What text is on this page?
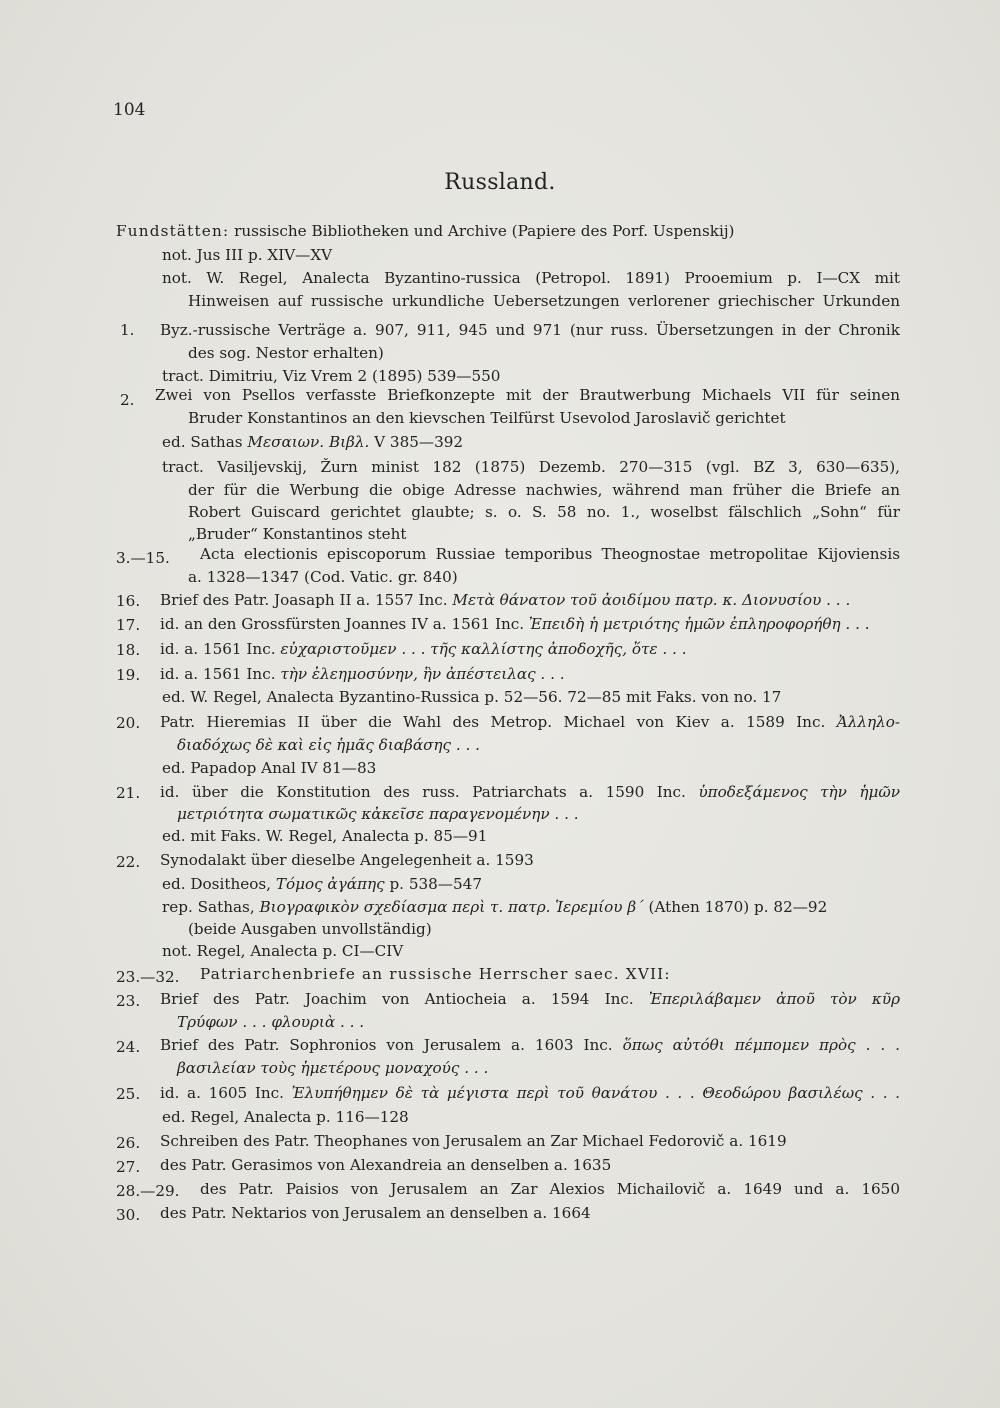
104
Russland.
Fundstätten: russische Bibliotheken und Archive (Papiere des Porf. Uspenskij)
not. Jus III p. XIV—XV
not. W. Regel, Analecta Byzantino-russica (Petropol. 1891) Prooemium p. I—CX mit
Hinweisen auf russische urkundliche Uebersetzungen verlorener griechischer Urkunden
1. Byz.-russische Verträge a. 907, 911, 945 und 971 (nur russ. Übersetzungen in der Chronik
des sog. Nestor erhalten)
tract. Dimitriu, Viz Vrem 2 (1895) 539—550
2. Zwei von Psellos verfasste Briefkonzepte mit der Brautwerbung Michaels VII für seinen
Bruder Konstantinos an den kievschen Teilfürst Usevolod Jaroslavič gerichtet
ed. Sathas Μεσαιων. Βιβλ. V 385—392
tract. Vasiljevskij, Žurn minist 182 (1875) Dezemb. 270—315 (vgl. BZ 3, 630—635),
der für die Werbung die obige Adresse nachwies, während man früher die Briefe an
Robert Guiscard gerichtet glaubte; s. o. S. 58 no. 1., woselbst fälschlich „Sohn“ für
„Bruder“ Konstantinos steht
3.—15. Acta electionis episcoporum Russiae temporibus Theognostae metropolitae Kijoviensis
a. 1328—1347 (Cod. Vatic. gr. 840)
16. Brief des Patr. Joasaph II a. 1557 Inc. Μετὰ θάνατον τοῦ ἀοιδίμου πατρ. κ. Διονυσίου . . .
17. id. an den Grossfürsten Joannes IV a. 1561 Inc. Ἐπειδὴ ἡ μετριότης ἡμῶν ἐπληροφορήθη . . .
18. id. a. 1561 Inc. εὐχαριστοῦμεν . . . τῆς καλλίστης ἀποδοχῆς, ὅτε . . .
19. id. a. 1561 Inc. τὴν ἐλεημοσύνην, ἣν ἀπέστειλας . . .
ed. W. Regel, Analecta Byzantino-Russica p. 52—56. 72—85 mit Faks. von no. 17
20. Patr. Hieremias II über die Wahl des Metrop. Michael von Kiev a. 1589 Inc. Ἀλληλο-
διαδόχως δὲ καὶ εἰς ἡμᾶς διαβάσης . . .
ed. Papadop Anal IV 81—83
21. id. über die Konstitution des russ. Patriarchats a. 1590 Inc. ὑποδεξάμενος τὴν ἡμῶν
μετριότητα σωματικῶς κἀκεῖσε παραγενομένην . . .
ed. mit Faks. W. Regel, Analecta p. 85—91
22. Synodalakt über dieselbe Angelegenheit a. 1593
ed. Dositheos, Τόμος ἀγάπης p. 538—547
rep. Sathas, Βιογραφικὸν σχεδίασμα περὶ τ. πατρ. Ἱερεμίου β´ (Athen 1870) p. 82—92
(beide Ausgaben unvollständig)
not. Regel, Analecta p. CI—CIV
23.—32. Patriarchenbriefe an russische Herrscher saec. XVII:
23. Brief des Patr. Joachim von Antiocheia a. 1594 Inc. Ἐπεριλάβαμεν ἀποῦ τὸν κῦρ
Τρύφων . . . φλουριὰ . . .
24. Brief des Patr. Sophronios von Jerusalem a. 1603 Inc. ὅπως αὐτόθι πέμπομεν πρὸς . . .
βασιλείαν τοὺς ἡμετέρους μοναχούς . . .
25. id. a. 1605 Inc. Ἐλυπήθημεν δὲ τὰ μέγιστα περὶ τοῦ θανάτου . . . Θεοδώρου βασιλέως . . .
ed. Regel, Analecta p. 116—128
26. Schreiben des Patr. Theophanes von Jerusalem an Zar Michael Fedorovič a. 1619
27. des Patr. Gerasimos von Alexandreia an denselben a. 1635
28.—29. des Patr. Paisios von Jerusalem an Zar Alexios Michailovič a. 1649 und a. 1650
30. des Patr. Nektarios von Jerusalem an denselben a. 1664
